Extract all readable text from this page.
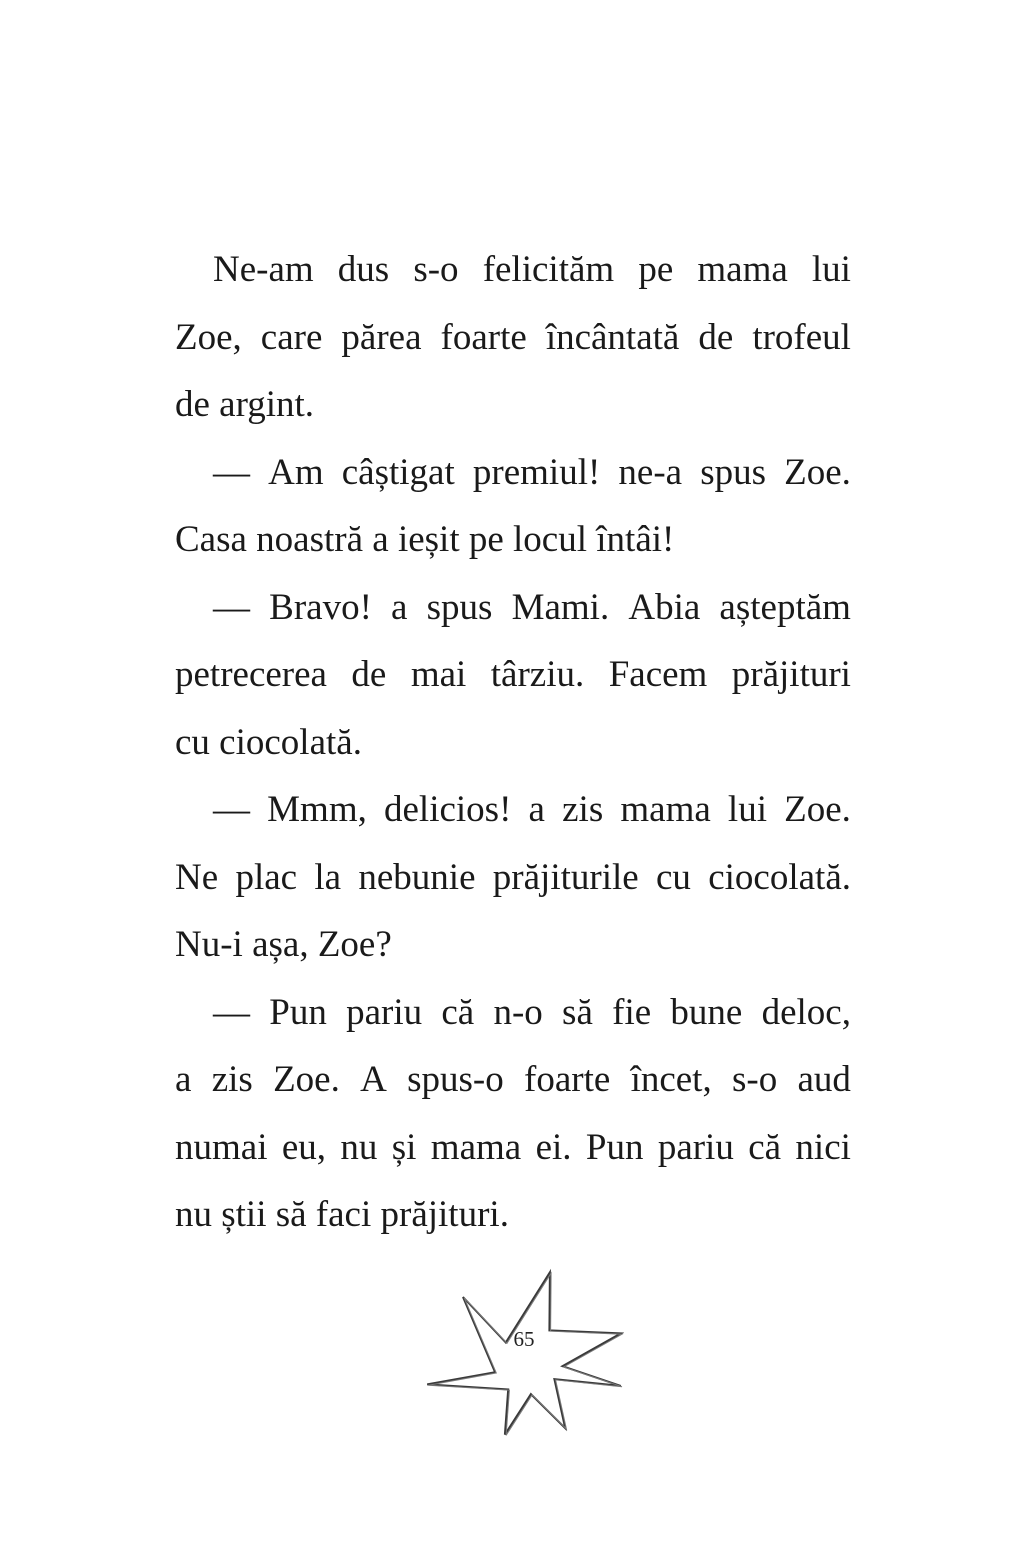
Ne-am dus s-o felicităm pe mama lui
Zoe, care părea foarte încântată de trofeul
de argint.
— Am câștigat premiul! ne-a spus Zoe.
Casa noastră a ieșit pe locul întâi!
— Bravo! a spus Mami. Abia așteptăm
petrecerea de mai târziu. Facem prăjituri
cu ciocolată.
— Mmm, delicios! a zis mama lui Zoe.
Ne plac la nebunie prăjiturile cu ciocolată.
Nu-i așa, Zoe?
— Pun pariu că n-o să fie bune deloc,
a zis Zoe. A spus-o foarte încet, s-o aud
numai eu, nu și mama ei. Pun pariu că nici
nu știi să faci prăjituri.
65
